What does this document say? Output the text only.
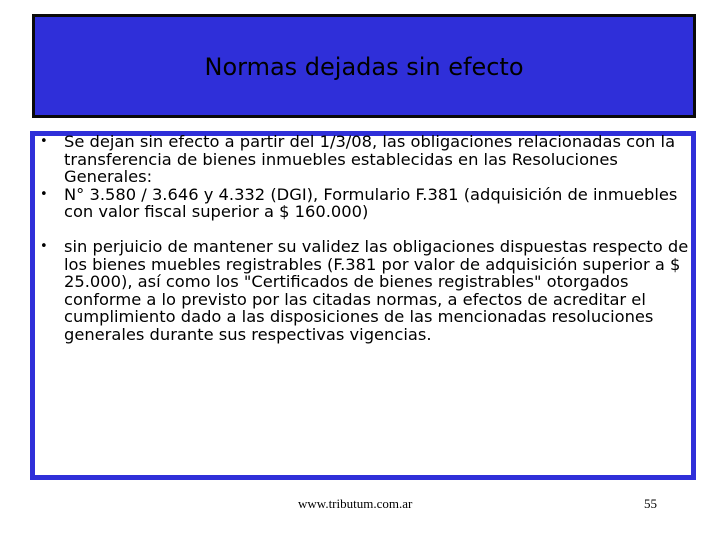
Normas dejadas sin efecto
• Se dejan sin efecto a partir del 1/3/08, las obligaciones relacionadas con la transferencia de bienes inmuebles establecidas en las Resoluciones Generales:
• N° 3.580 / 3.646 y 4.332 (DGI), Formulario F.381 (adquisición de inmuebles con valor fiscal superior a $ 160.000)
• sin perjuicio de mantener su validez las obligaciones dispuestas respecto de los bienes muebles registrables (F.381 por valor de adquisición superior a $ 25.000), así como los "Certificados de bienes registrables" otorgados conforme a lo previsto por las citadas normas, a efectos de acreditar el cumplimiento dado a las disposiciones de las mencionadas resoluciones generales durante sus respectivas vigencias.
www.tributum.com.ar	55
